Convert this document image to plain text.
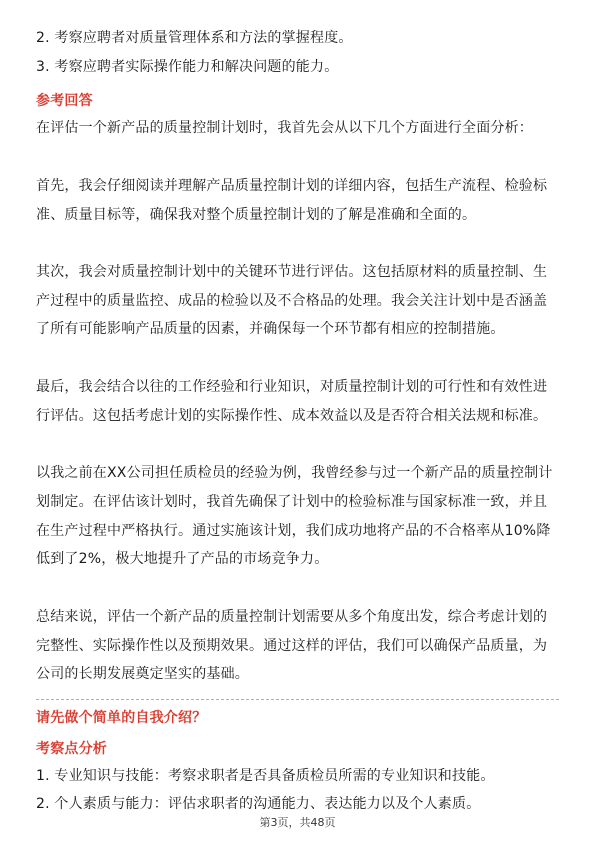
2. 考察应聘者对质量管理体系和方法的掌握程度。
3. 考察应聘者实际操作能力和解决问题的能力。
参考回答
在评估一个新产品的质量控制计划时，我首先会从以下几个方面进行全面分析：
首先，我会仔细阅读并理解产品质量控制计划的详细内容，包括生产流程、检验标
准、质量目标等，确保我对整个质量控制计划的了解是准确和全面的。
其次，我会对质量控制计划中的关键环节进行评估。这包括原材料的质量控制、生
产过程中的质量监控、成品的检验以及不合格品的处理。我会关注计划中是否涵盖
了所有可能影响产品质量的因素，并确保每一个环节都有相应的控制措施。
最后，我会结合以往的工作经验和行业知识，对质量控制计划的可行性和有效性进
行评估。这包括考虑计划的实际操作性、成本效益以及是否符合相关法规和标准。
以我之前在XX公司担任质检员的经验为例，我曾经参与过一个新产品的质量控制计
划制定。在评估该计划时，我首先确保了计划中的检验标准与国家标准一致，并且
在生产过程中严格执行。通过实施该计划，我们成功地将产品的不合格率从10%降
低到了2%，极大地提升了产品的市场竞争力。
总结来说，评估一个新产品的质量控制计划需要从多个角度出发，综合考虑计划的
完整性、实际操作性以及预期效果。通过这样的评估，我们可以确保产品质量，为
公司的长期发展奠定坚实的基础。
请先做个简单的自我介绍？
考察点分析
1. 专业知识与技能：考察求职者是否具备质检员所需的专业知识和技能。
2. 个人素质与能力：评估求职者的沟通能力、表达能力以及个人素质。
第3页，共48页
